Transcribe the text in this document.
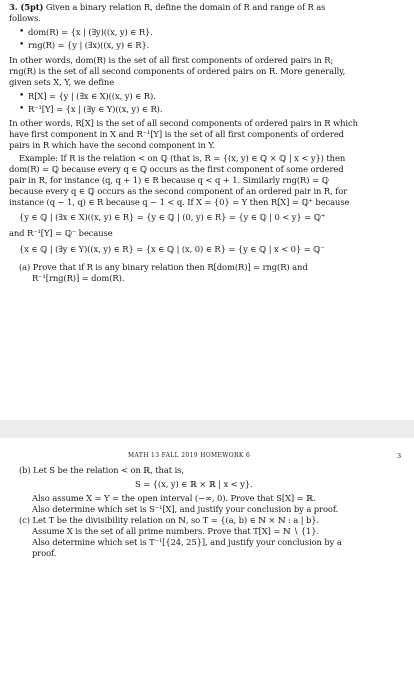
3. (5pt) Given a binary relation R, define the domain of R and range of R as
follows.
• dom(R) = {x | (∃y)((x, y) ∈ R}.
• rng(R) = {y | (∃x)((x, y) ∈ R}.
In other words, dom(R) is the set of all first components of ordered pairs in R;
rng(R) is the set of all second components of ordered pairs on R. More generally,
given sets X, Y, we define
• R[X] = {y | (∃x ∈ X)((x, y) ∈ R).
• R⁻¹[Y] = {x | (∃y ∈ Y)((x, y) ∈ R).
In other words, R[X] is the set of all second components of ordered pairs in R which
have first component in X and R⁻¹[Y] is the set of all first components of ordered
pairs in R which have the second component in Y.
Example: If R is the relation < on ℚ (that is, R = {(x, y) ∈ ℚ × ℚ | x < y}) then
dom(R) = ℚ because every q ∈ ℚ occurs as the first component of some ordered
pair in R, for instance (q, q + 1) ∈ R because q < q + 1. Similarly rng(R) = ℚ
because every q ∈ ℚ occurs as the second component of an ordered pair in R, for
instance (q − 1, q) ∈ R because q − 1 < q. If X = {0} = Y then R[X] = ℚ⁺ because
{y ∈ ℚ | (∃x ∈ X)((x, y) ∈ R} = {y ∈ ℚ | (0, y) ∈ R} = {y ∈ ℚ | 0 < y} = ℚ⁺
and R⁻¹[Y] = ℚ⁻ because
{x ∈ ℚ | (∃y ∈ Y)((x, y) ∈ R} = {x ∈ ℚ | (x, 0) ∈ R} = {y ∈ ℚ | x < 0} = ℚ⁻
(a) Prove that if R is any binary relation then R[dom(R)] = rng(R) and
R⁻¹[rng(R)] = dom(R).
MATH 13 FALL 2019 HOMEWORK 6	3
(b) Let S be the relation < on ℝ, that is,
S = {(x, y) ∈ ℝ × ℝ | x < y}.
Also assume X = Y = the open interval (−∞, 0). Prove that S[X] = ℝ.
Also determine which set is S⁻¹[X], and justify your conclusion by a proof.
(c) Let T be the divisibility relation on ℕ, so T = {(a, b) ∈ ℕ × ℕ : a | b}.
Assume X is the set of all prime numbers. Prove that T[X] = ℕ ∖ {1}.
Also determine which set is T⁻¹[{24, 25}], and justify your conclusion by a
proof.
